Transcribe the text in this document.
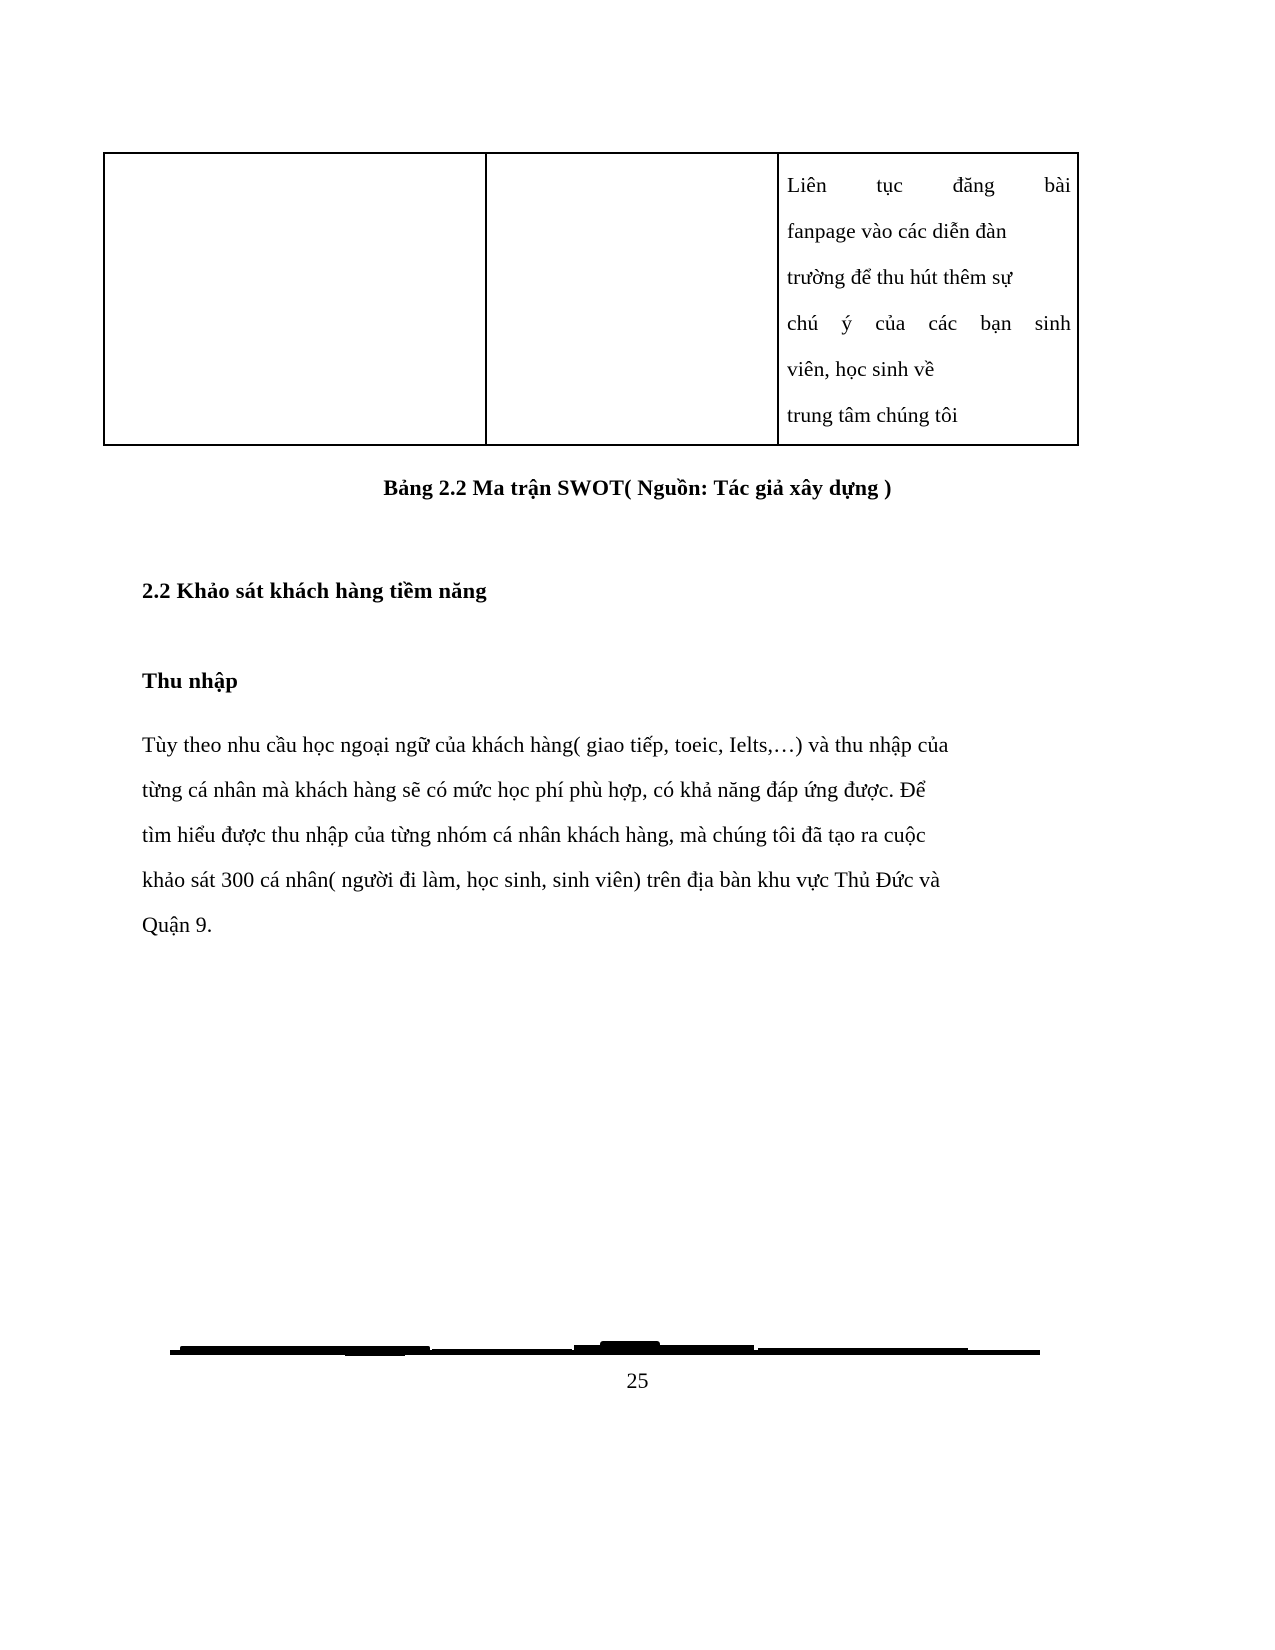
Liên tục đăng bài
fanpage vào các diễn đàn
trường để thu hút thêm sự
chú ý của các bạn sinh
viên, học sinh về
trung tâm chúng tôi
Bảng 2.2 Ma trận SWOT( Nguồn: Tác giả xây dựng )
2.2 Khảo sát khách hàng tiềm năng
Thu nhập
Tùy theo nhu cầu học ngoại ngữ của khách hàng( giao tiếp, toeic, Ielts,…) và thu nhập của
từng cá nhân mà khách hàng sẽ có mức học phí phù hợp, có khả năng đáp ứng được. Để
tìm hiểu được thu nhập của từng nhóm cá nhân khách hàng, mà chúng tôi đã tạo ra cuộc
khảo sát 300 cá nhân( người đi làm, học sinh, sinh viên) trên địa bàn khu vực Thủ Đức và
Quận 9.
25
